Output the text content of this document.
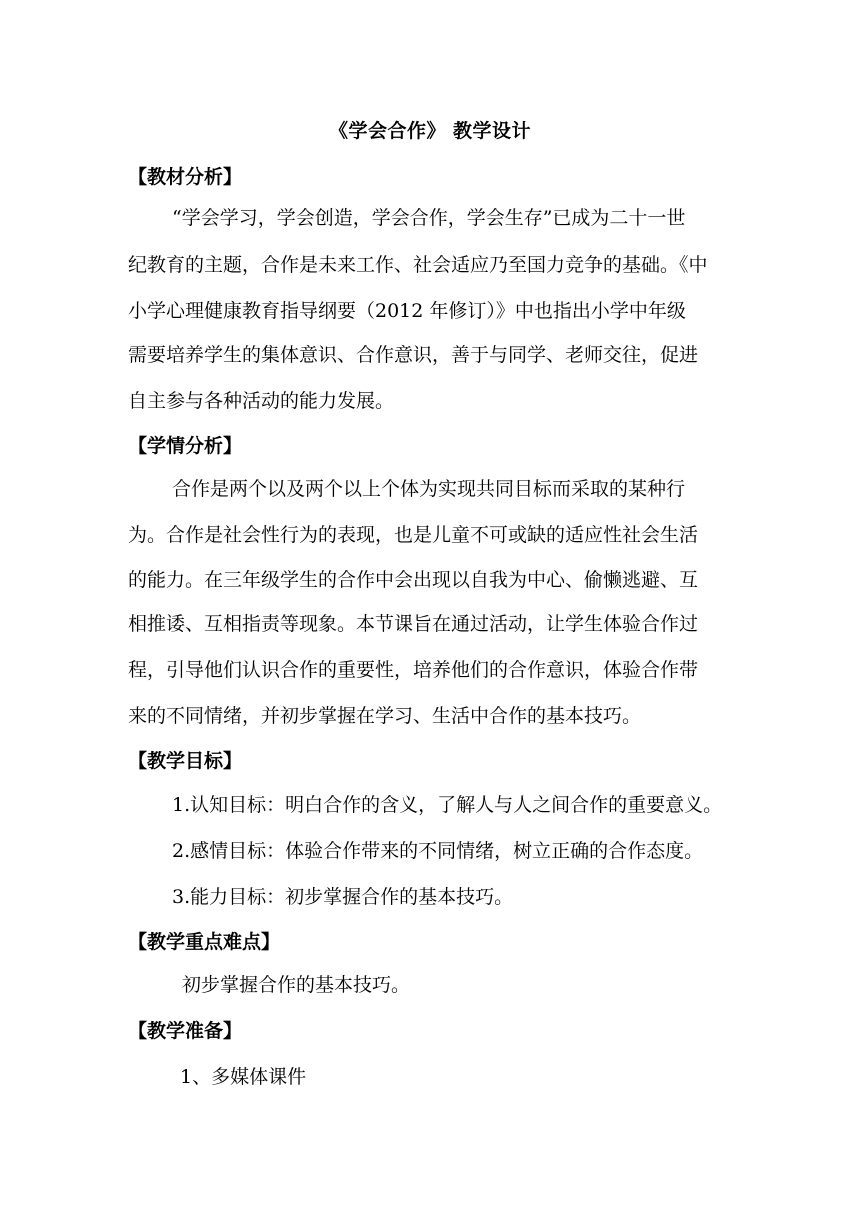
《学会合作》 教学设计
【教材分析】
“学会学习，学会创造，学会合作，学会生存”已成为二十一世
纪教育的主题，合作是未来工作、社会适应乃至国力竞争的基础。《中
小学心理健康教育指导纲要（2012 年修订）》中也指出小学中年级
需要培养学生的集体意识、合作意识，善于与同学、老师交往，促进
自主参与各种活动的能力发展。
【学情分析】
合作是两个以及两个以上个体为实现共同目标而采取的某种行
为。合作是社会性行为的表现，也是儿童不可或缺的适应性社会生活
的能力。在三年级学生的合作中会出现以自我为中心、偷懒逃避、互
相推诿、互相指责等现象。本节课旨在通过活动，让学生体验合作过
程，引导他们认识合作的重要性，培养他们的合作意识，体验合作带
来的不同情绪，并初步掌握在学习、生活中合作的基本技巧。
【教学目标】
1.认知目标：明白合作的含义，了解人与人之间合作的重要意义。
2.感情目标：体验合作带来的不同情绪，树立正确的合作态度。
3.能力目标：初步掌握合作的基本技巧。
【教学重点难点】
初步掌握合作的基本技巧。
【教学准备】
1、多媒体课件
